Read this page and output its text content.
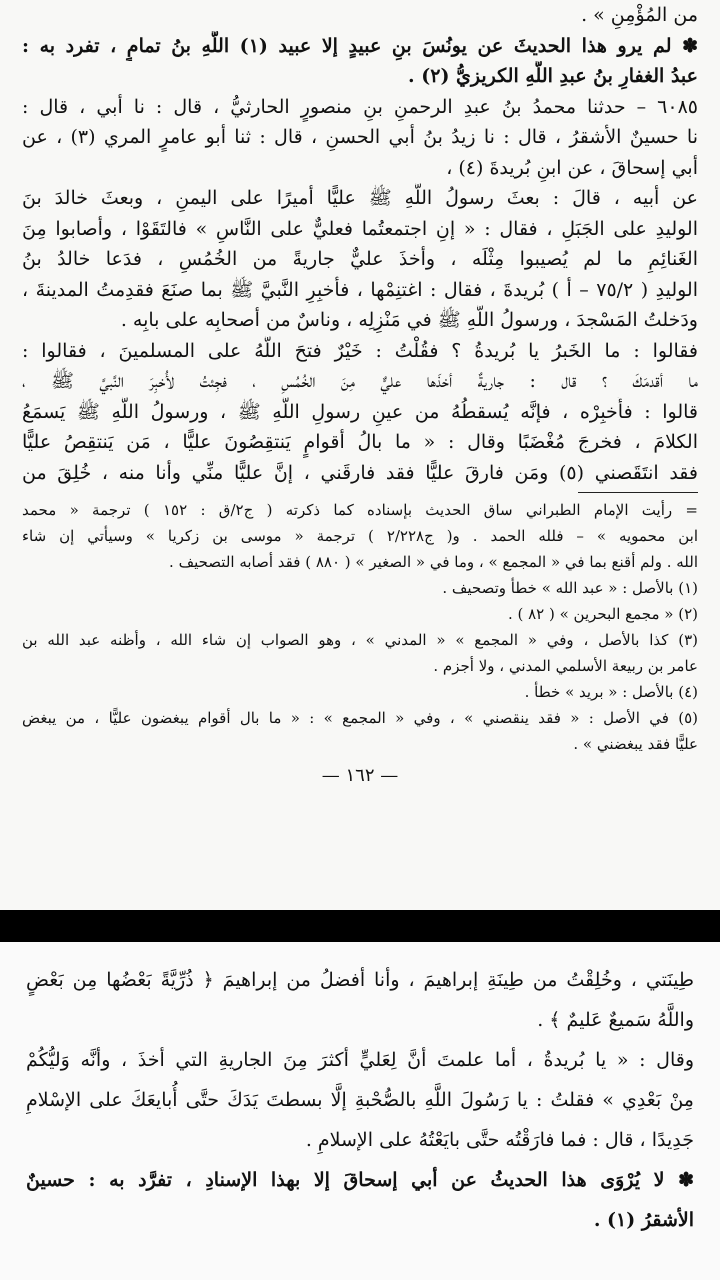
من المُؤْمِنِ » .
✽ لم يرو هذا الحديثَ عن يونُسَ بنِ عبيدٍ إلا عبيد (١) اللَّهِ بنُ تمامٍ ، تفرد به :
عبدُ الغفارِ بنُ عبدِ اللَّهِ الكريزيُّ (٢) .
٦٠٨٥ – حدثنا محمدُ بنُ عبدِ الرحمنِ بنِ منصورٍ الحارثيُّ ، قال : نا أبي ، قال :
نا حسينٌ الأشقرُ ، قال : نا زيدُ بنُ أبي الحسنِ ، قال : ثنا أبو عامرٍ المري (٣) ، عن
أبي إسحاقَ ، عن ابنِ بُريدةَ (٤) ،
عن أبيه ، قالَ : بعثَ رسولُ اللَّهِ ﷺ عليًّا أميرًا على اليمنِ ، وبعثَ خالدَ بنَ
الوليدِ على الجَبَلِ ، فقال : « إنِ اجتمعتُما فعليٌّ على النَّاسِ » فالتَقَوْا ، وأصابوا مِنَ
الغَنائِمِ ما لم يُصيبوا مِثْلَه ، وأخذَ عليٌّ جاريةً من الخُمُسِ ، فدَعا خالدُ بنُ
الوليدِ ( ٧٥/٢ – أ ) بُريدةَ ، فقال : اغتنِمْها ، فأخبِرِ النَّبيَّ ﷺ بما صنَعَ فقدِمتُ المدينةَ ،
ودَخلتُ المَسْجدَ ، ورسولُ اللَّهِ ﷺ في مَنْزِلِه ، وناسٌ من أصحابِه على بابِه .
فقالوا : ما الخَبرُ يا بُريدةُ ؟ فقُلْتُ : خَيْرٌ فتحَ اللَّهُ على المسلمينَ ، فقالوا :
ما أقدمَكَ ؟ قال : جاريةٌ أخذَها عليٌّ مِنَ الخُمُسِ ، فجِئتُ لأُخبِرَ النَّبيَّ ﷺ ،
قالوا : فأَخبِرْه ، فإنَّه يُسقطُهُ من عينِ رسولِ اللَّهِ ﷺ ، ورسولُ اللَّهِ ﷺ يَسمَعُ
الكلامَ ، فخرجَ مُغْضَبًا وقال : « ما بالُ أقوامٍ يَنتقِصُونَ عليًّا ، مَن يَنتقِصُ عليًّا
فقد انتَقَصني (٥) ومَن فارقَ عليًّا فقد فارقَني ، إنَّ عليًّا منِّي وأنا منه ، خُلِقَ من
= رأيت الإمام الطبراني ساق الحديث بإسناده كما ذكرته ( ج٢/ق : ١٥٢ ) ترجمة « محمد
ابن محمويه » – فلله الحمد . و( ج٢/٢٢٨ ) ترجمة « موسى بن زكريا » وسيأتي إن شاء
الله . ولم أقنع بما في « المجمع » ، وما في « الصغير » ( ٨٨٠ ) فقد أصابه التصحيف .
(١) بالأصل : « عبد الله » خطأ وتصحيف .
(٢) « مجمع البحرين » ( ٨٢ ) .
(٣) كذا بالأصل ، وفي « المجمع » « المدني » ، وهو الصواب إن شاء الله ، وأظنه عبد الله بن
عامر بن ربيعة الأسلمي المدني ، ولا أجزم .
(٤) بالأصل : « بريد » خطأ .
(٥) في الأصل : « فقد ينقصني » ، وفي « المجمع » : « ما بال أقوام يبغضون عليًّا ، من يبغض
عليًّا فقد يبغضني » .
— ١٦٢ —
طِينَتي ، وخُلِقْتُ من طِينَةِ إبراهيمَ ، وأنا أفضلُ من إبراهيمَ ﴿ ذُرِّيَّةً بَعْضُها مِن بَعْضٍ
واللَّهُ سَميعٌ عَليمٌ ﴾ .
وقال : « يا بُريدةُ ، أما علمتَ أنَّ لِعَليٍّ أكثرَ مِنَ الجاريةِ التي أخذَ ، وأنَّه وَليُّكُمْ
مِنْ بَعْدِي » فقلتُ : يا رَسُولَ اللَّهِ بالصُّحْبةِ إلَّا بسطتَ يَدَكَ حتَّى أُبايعَكَ على الإسْلامِ
جَدِيدًا ، قال : فما فارَقْتُه حتَّى بايَعْتُهُ على الإسلامِ .
✽ لا يُرْوَى هذا الحديثُ عن أبي إسحاقَ إلا بهذا الإسنادِ ، تفرَّد به : حسينٌ
الأشقرُ (١) .
